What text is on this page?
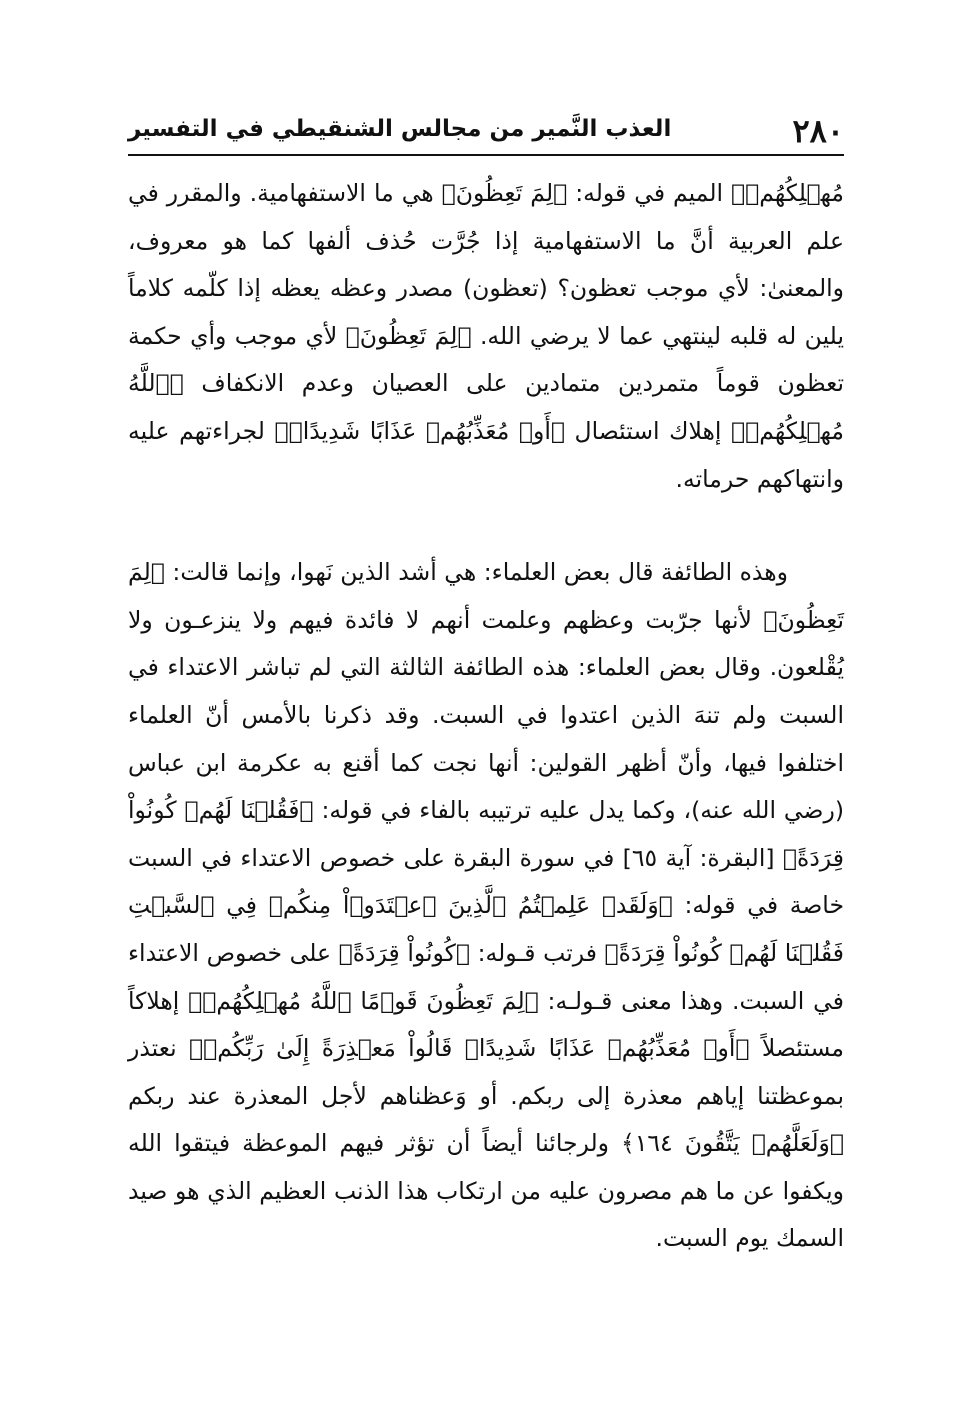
٢٨٠
العذب النَّمير من مجالس الشنقيطي في التفسير

مُهۡلِكُهُمۡ﴾ الميم في قوله: ﴿لِمَ تَعِظُونَ﴾ هي ما الاستفهامية. والمقرر في علم العربية أنَّ ما الاستفهامية إذا جُرَّت حُذف ألفها كما هو معروف، والمعنىٰ: لأي موجب تعظون؟ (تعظون) مصدر وعظه يعظه إذا كلّمه كلاماً يلين له قلبه لينتهي عما لا يرضي الله. ﴿لِمَ تَعِظُونَ﴾ لأي موجب وأي حكمة تعظون قوماً متمردين متمادين على العصيان وعدم الانكفاف ﴿ٱللَّهُ مُهۡلِكُهُمۡ﴾ إهلاك استئصال ﴿أَوۡ مُعَذِّبُهُمۡ عَذَابًا شَدِيدًاۖ﴾ لجراءتهم عليه وانتهاكهم حرماته.

وهذه الطائفة قال بعض العلماء: هي أشد الذين نَهوا، وإنما قالت: ﴿لِمَ تَعِظُونَ﴾ لأنها جرّبت وعظهم وعلمت أنهم لا فائدة فيهم ولا ينزعـون ولا يُقْلعون. وقال بعض العلماء: هذه الطائفة الثالثة التي لم تباشر الاعتداء في السبت ولم تنهَ الذين اعتدوا في السبت. وقد ذكرنا بالأمس أنّ العلماء اختلفوا فيها، وأنّ أظهر القولين: أنها نجت كما أقنع به عكرمة ابن عباس (رضي الله عنه)، وكما يدل عليه ترتيبه بالفاء في قوله: ﴿فَقُلۡنَا لَهُمۡ كُونُواْ قِرَدَةً﴾ [البقرة: آية ٦٥] في سورة البقرة على خصوص الاعتداء في السبت خاصة في قوله: ﴿وَلَقَدۡ عَلِمۡتُمُ ٱلَّذِينَ ٱعۡتَدَوۡاْ مِنكُمۡ فِي ٱلسَّبۡتِ فَقُلۡنَا لَهُمۡ كُونُواْ قِرَدَةً﴾ فرتب قـوله: ﴿كُونُواْ قِرَدَةً﴾ على خصوص الاعتداء في السبت. وهذا معنى قـولـه: ﴿لِمَ تَعِظُونَ قَوۡمًا ٱللَّهُ مُهۡلِكُهُمۡ﴾ إهلاكاً مستئصلاً ﴿أَوۡ مُعَذِّبُهُمۡ عَذَابًا شَدِيدًاۖ قَالُواْ مَعۡذِرَةً إِلَىٰ رَبِّكُمۡ﴾ نعتذر بموعظتنا إياهم معذرة إلى ربكم. أو وَعظناهم لأجل المعذرة عند ربكم ﴿وَلَعَلَّهُمۡ يَتَّقُونَ ١٦٤﴾ ولرجائنا أيضاً أن تؤثر فيهم الموعظة فيتقوا الله ويكفوا عن ما هم مصرون عليه من ارتكاب هذا الذنب العظيم الذي هو صيد السمك يوم السبت.
